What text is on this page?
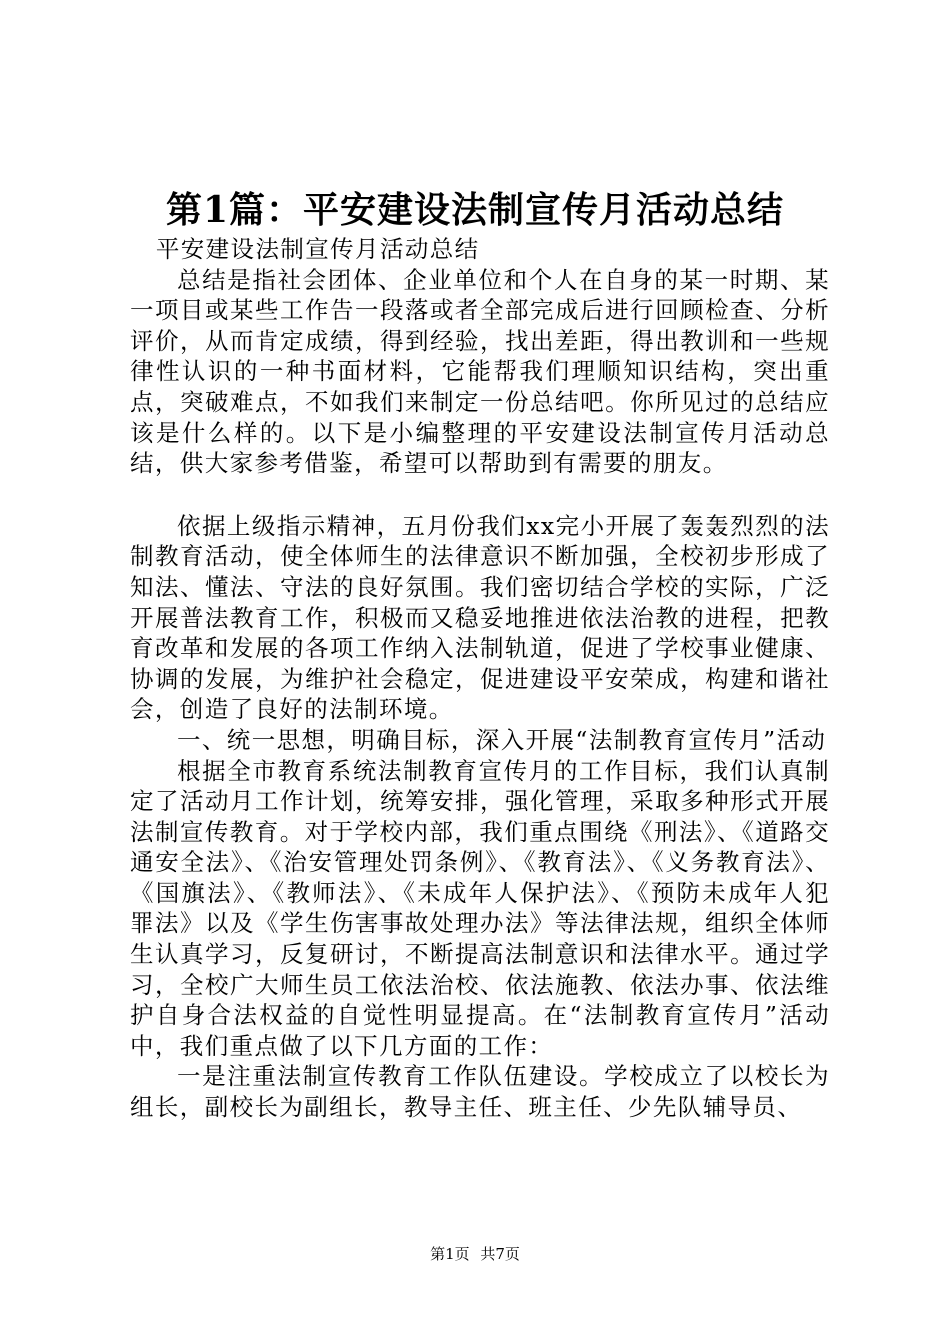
第1篇：平安建设法制宣传月活动总结

平安建设法制宣传月活动总结

总结是指社会团体、企业单位和个人在自身的某一时期、某一项目或某些工作告一段落或者全部完成后进行回顾检查、分析评价，从而肯定成绩，得到经验，找出差距，得出教训和一些规律性认识的一种书面材料，它能帮我们理顺知识结构，突出重点，突破难点，不如我们来制定一份总结吧。你所见过的总结应该是什么样的。以下是小编整理的平安建设法制宣传月活动总结，供大家参考借鉴，希望可以帮助到有需要的朋友。

依据上级指示精神，五月份我们xx完小开展了轰轰烈烈的法制教育活动，使全体师生的法律意识不断加强，全校初步形成了知法、懂法、守法的良好氛围。我们密切结合学校的实际，广泛开展普法教育工作，积极而又稳妥地推进依法治教的进程，把教育改革和发展的各项工作纳入法制轨道，促进了学校事业健康、协调的发展，为维护社会稳定，促进建设平安荣成，构建和谐社会，创造了良好的法制环境。

一、统一思想，明确目标，深入开展“法制教育宣传月”活动

根据全市教育系统法制教育宣传月的工作目标，我们认真制定了活动月工作计划，统筹安排，强化管理，采取多种形式开展法制宣传教育。对于学校内部，我们重点围绕《刑法》、《道路交通安全法》、《治安管理处罚条例》、《教育法》、《义务教育法》、《国旗法》、《教师法》、《未成年人保护法》、《预防未成年人犯罪法》以及《学生伤害事故处理办法》等法律法规，组织全体师生认真学习，反复研讨，不断提高法制意识和法律水平。通过学习，全校广大师生员工依法治校、依法施教、依法办事、依法维护自身合法权益的自觉性明显提高。在“法制教育宣传月”活动中，我们重点做了以下几方面的工作：

一是注重法制宣传教育工作队伍建设。学校成立了以校长为组长，副校长为副组长，教导主任、班主任、少先队辅导员、

第1页 共7页
